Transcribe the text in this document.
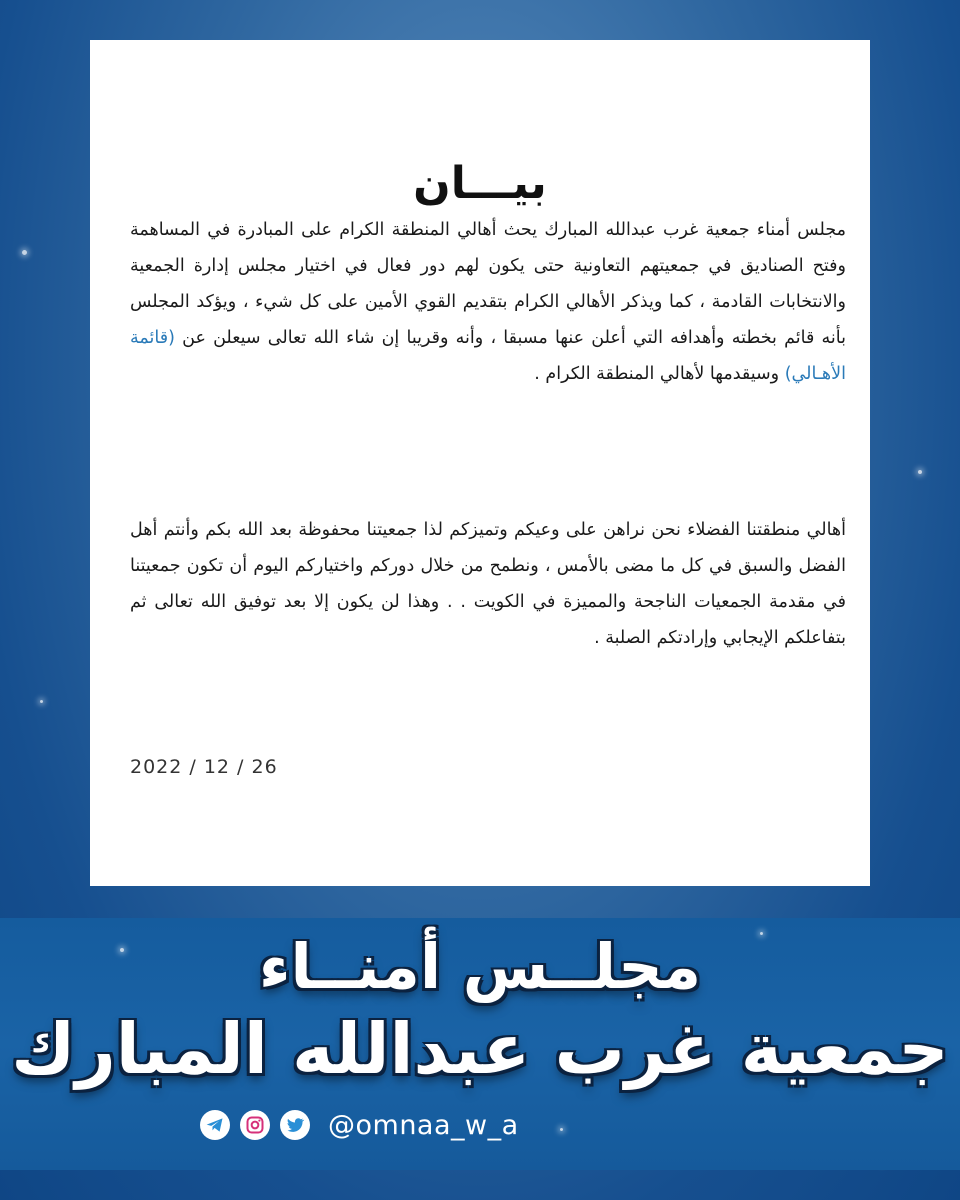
بيـــان
مجلس أمناء جمعية غرب عبدالله المبارك يحث أهالي المنطقة الكرام على المبادرة في المساهمة وفتح الصناديق في جمعيتهم التعاونية حتى يكون لهم دور فعال في اختيار مجلس إدارة الجمعية والانتخابات القادمة ، كما ويذكر الأهالي الكرام بتقديم القوي الأمين على كل شيء ، ويؤكد المجلس بأنه قائم بخطته وأهدافه التي أعلن عنها مسبقا ، وأنه وقريبا إن شاء الله تعالى سيعلن عن (قائمة الأهـالي) وسيقدمها لأهالي المنطقة الكرام .
أهالي منطقتنا الفضلاء نحن نراهن على وعيكم وتميزكم لذا جمعيتنا محفوظة بعد الله بكم وأنتم أهل الفضل والسبق في كل ما مضى بالأمس ، ونطمح من خلال دوركم واختياركم اليوم أن تكون جمعيتنا في مقدمة الجمعيات الناجحة والمميزة في الكويت . . وهذا لن يكون إلا بعد توفيق الله تعالى ثم بتفاعلكم الإيجابي وإرادتكم الصلبة .
2022 / 12 / 26
مجلــس أمنــاء
جمعية غرب عبدالله المبارك
@omnaa_w_a
